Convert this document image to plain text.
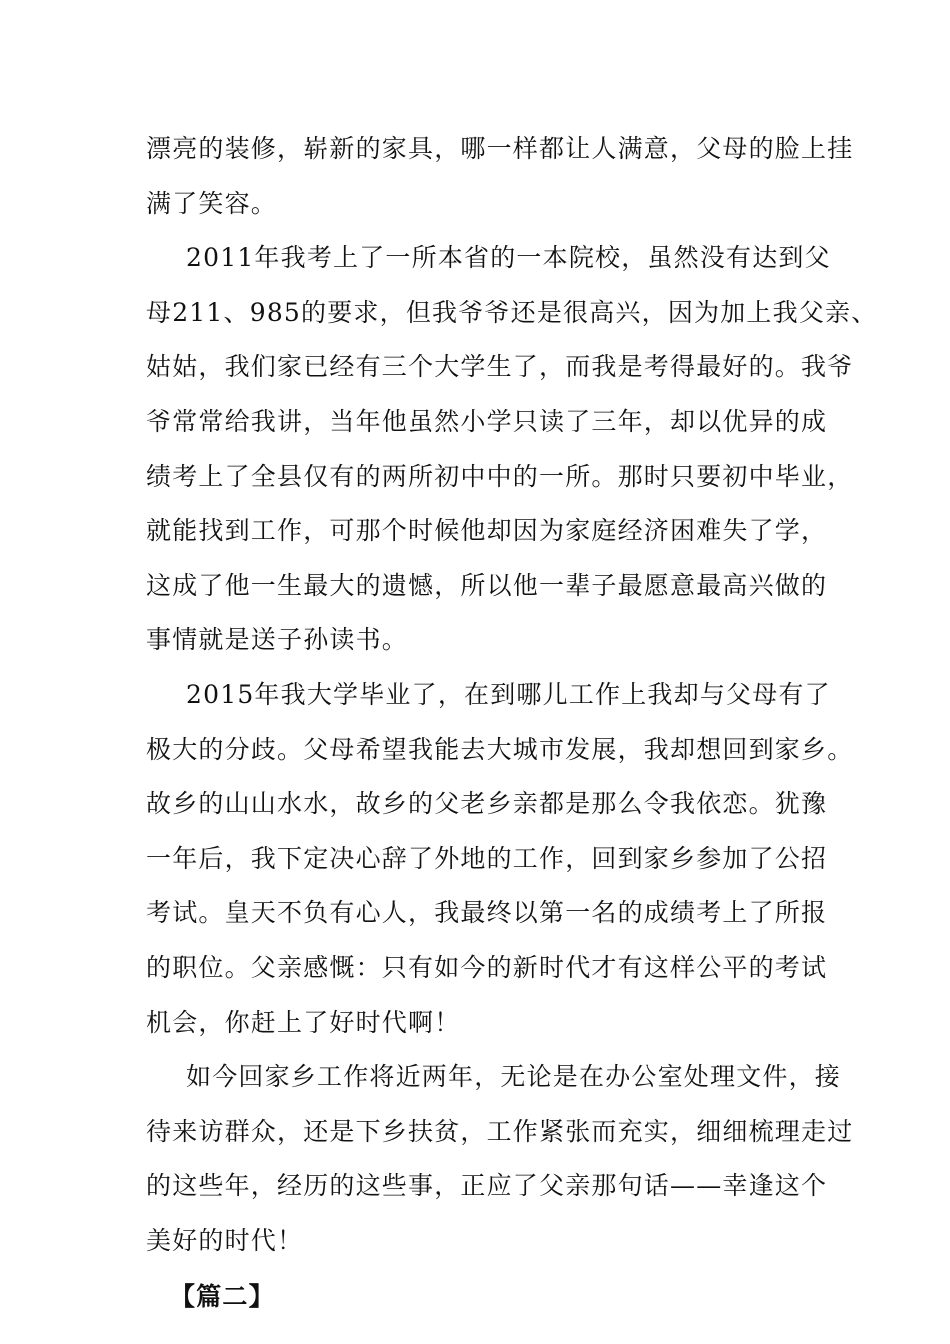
漂亮的装修，崭新的家具，哪一样都让人满意，父母的脸上挂
满了笑容。
2011年我考上了一所本省的一本院校，虽然没有达到父
母211、985的要求，但我爷爷还是很高兴，因为加上我父亲、
姑姑，我们家已经有三个大学生了，而我是考得最好的。我爷
爷常常给我讲，当年他虽然小学只读了三年，却以优异的成
绩考上了全县仅有的两所初中中的一所。那时只要初中毕业，
就能找到工作，可那个时候他却因为家庭经济困难失了学，
这成了他一生最大的遗憾，所以他一辈子最愿意最高兴做的
事情就是送子孙读书。
2015年我大学毕业了，在到哪儿工作上我却与父母有了
极大的分歧。父母希望我能去大城市发展，我却想回到家乡。
故乡的山山水水，故乡的父老乡亲都是那么令我依恋。犹豫
一年后，我下定决心辞了外地的工作，回到家乡参加了公招
考试。皇天不负有心人，我最终以第一名的成绩考上了所报
的职位。父亲感慨：只有如今的新时代才有这样公平的考试
机会，你赶上了好时代啊！
如今回家乡工作将近两年，无论是在办公室处理文件，接
待来访群众，还是下乡扶贫，工作紧张而充实，细细梳理走过
的这些年，经历的这些事，正应了父亲那句话——幸逢这个
美好的时代！
【篇二】
